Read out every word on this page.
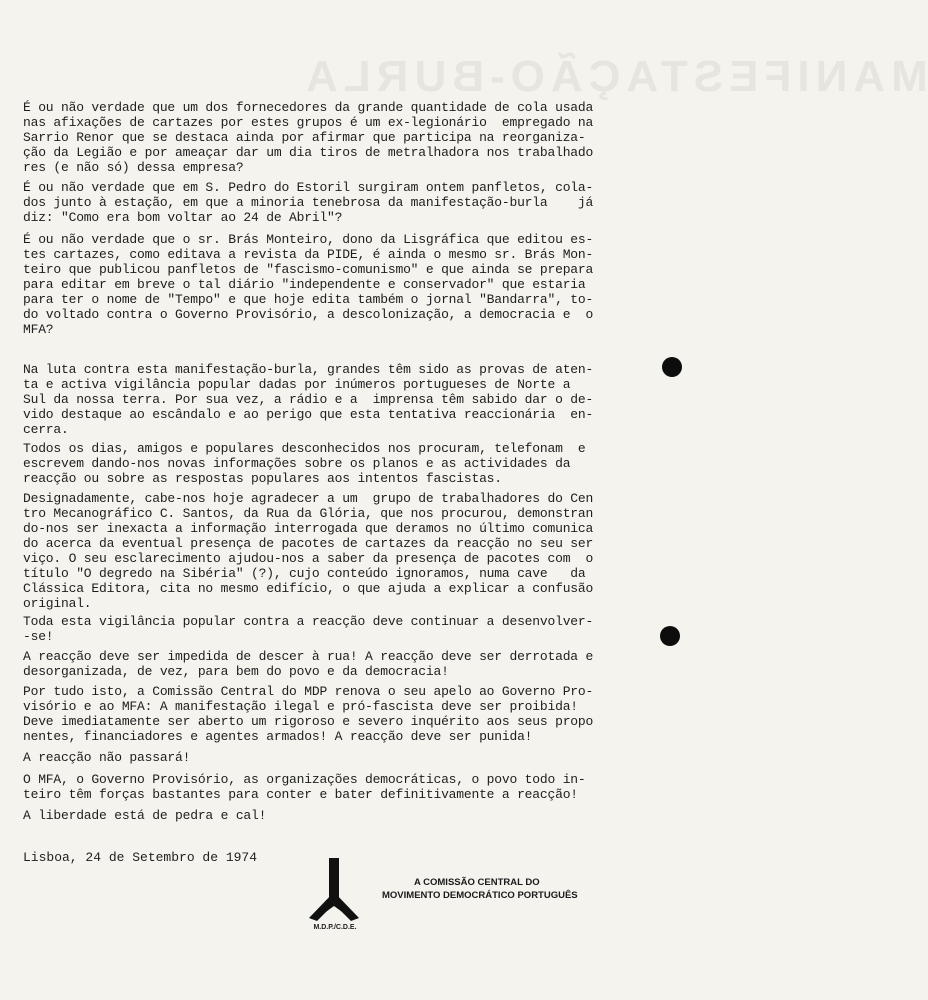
MANIFESTAÇÃO-BURLA

É ou não verdade que um dos fornecedores da grande quantidade de cola usada
nas afixações de cartazes por estes grupos é um ex-legionário  empregado na
Sarrio Renor que se destaca ainda por afirmar que participa na reorganiza-
ção da Legião e por ameaçar dar um dia tiros de metralhadora nos trabalhado
res (e não só) dessa empresa?

É ou não verdade que em S. Pedro do Estoril surgiram ontem panfletos, cola-
dos junto à estação, em que a minoria tenebrosa da manifestação-burla    já
diz: "Como era bom voltar ao 24 de Abril"?

É ou não verdade que o sr. Brás Monteiro, dono da Lisgráfica que editou es-
tes cartazes, como editava a revista da PIDE, é ainda o mesmo sr. Brás Mon-
teiro que publicou panfletos de "fascismo-comunismo" e que ainda se prepara
para editar em breve o tal diário "independente e conservador" que estaria
para ter o nome de "Tempo" e que hoje edita também o jornal "Bandarra", to-
do voltado contra o Governo Provisório, a descolonização, a democracia e  o
MFA?

Na luta contra esta manifestação-burla, grandes têm sido as provas de aten-
ta e activa vigilância popular dadas por inúmeros portugueses de Norte a
Sul da nossa terra. Por sua vez, a rádio e a  imprensa têm sabido dar o de-
vido destaque ao escândalo e ao perigo que esta tentativa reaccionária  en-
cerra.

Todos os dias, amigos e populares desconhecidos nos procuram, telefonam  e
escrevem dando-nos novas informações sobre os planos e as actividades da
reacção ou sobre as respostas populares aos intentos fascistas.

Designadamente, cabe-nos hoje agradecer a um  grupo de trabalhadores do Cen
tro Mecanográfico C. Santos, da Rua da Glória, que nos procurou, demonstran
do-nos ser inexacta a informação interrogada que deramos no último comunica
do acerca da eventual presença de pacotes de cartazes da reacção no seu ser
viço. O seu esclarecimento ajudou-nos a saber da presença de pacotes com  o
título "O degredo na Sibéria" (?), cujo conteúdo ignoramos, numa cave   da
Clássica Editora, cita no mesmo edifício, o que ajuda a explicar a confusão
original.

Toda esta vigilância popular contra a reacção deve continuar a desenvolver-
-se!

A reacção deve ser impedida de descer à rua! A reacção deve ser derrotada e
desorganizada, de vez, para bem do povo e da democracia!

Por tudo isto, a Comissão Central do MDP renova o seu apelo ao Governo Pro-
visório e ao MFA: A manifestação ilegal e pró-fascista deve ser proibida!
Deve imediatamente ser aberto um rigoroso e severo inquérito aos seus propo
nentes, financiadores e agentes armados! A reacção deve ser punida!

A reacção não passará!

O MFA, o Governo Provisório, as organizações democráticas, o povo todo in-
teiro têm forças bastantes para conter e bater definitivamente a reacção!

A liberdade está de pedra e cal!

Lisboa, 24 de Setembro de 1974
M.D.P./C.D.E.
A COMISSÃO CENTRAL DO
MOVIMENTO DEMOCRÁTICO PORTUGUÊS
